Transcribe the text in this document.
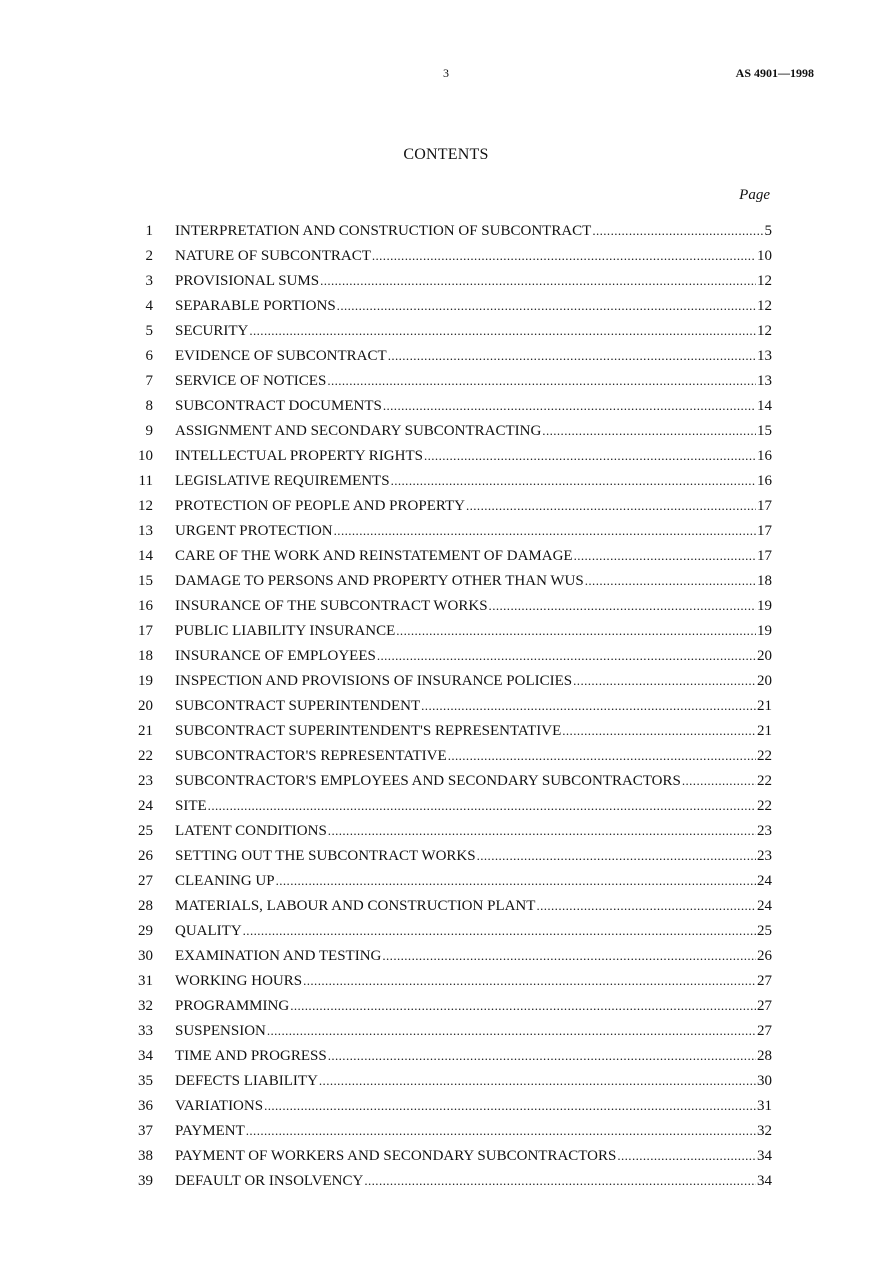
3	AS 4901—1998
CONTENTS
Page
1 INTERPRETATION AND CONSTRUCTION OF SUBCONTRACT .....	5
2 NATURE OF SUBCONTRACT .....	10
3 PROVISIONAL SUMS .....	12
4 SEPARABLE PORTIONS .....	12
5 SECURITY .....	12
6 EVIDENCE OF SUBCONTRACT .....	13
7 SERVICE OF NOTICES .....	13
8 SUBCONTRACT DOCUMENTS .....	14
9 ASSIGNMENT AND SECONDARY SUBCONTRACTING .....	15
10 INTELLECTUAL PROPERTY RIGHTS .....	16
11 LEGISLATIVE REQUIREMENTS .....	16
12 PROTECTION OF PEOPLE AND PROPERTY .....	17
13 URGENT PROTECTION .....	17
14 CARE OF THE WORK AND REINSTATEMENT OF DAMAGE .....	17
15 DAMAGE TO PERSONS AND PROPERTY OTHER THAN WUS .....	18
16 INSURANCE OF THE SUBCONTRACT WORKS .....	19
17 PUBLIC LIABILITY INSURANCE .....	19
18 INSURANCE OF EMPLOYEES .....	20
19 INSPECTION AND PROVISIONS OF INSURANCE POLICIES .....	20
20 SUBCONTRACT SUPERINTENDENT .....	21
21 SUBCONTRACT SUPERINTENDENT'S REPRESENTATIVE .....	21
22 SUBCONTRACTOR'S REPRESENTATIVE .....	22
23 SUBCONTRACTOR'S EMPLOYEES AND SECONDARY SUBCONTRACTORS .....	22
24 SITE .....	22
25 LATENT CONDITIONS .....	23
26 SETTING OUT THE SUBCONTRACT WORKS .....	23
27 CLEANING UP .....	24
28 MATERIALS, LABOUR AND CONSTRUCTION PLANT .....	24
29 QUALITY .....	25
30 EXAMINATION AND TESTING .....	26
31 WORKING HOURS .....	27
32 PROGRAMMING .....	27
33 SUSPENSION .....	27
34 TIME AND PROGRESS .....	28
35 DEFECTS LIABILITY .....	30
36 VARIATIONS .....	31
37 PAYMENT .....	32
38 PAYMENT OF WORKERS AND SECONDARY SUBCONTRACTORS .....	34
39 DEFAULT OR INSOLVENCY .....	34
